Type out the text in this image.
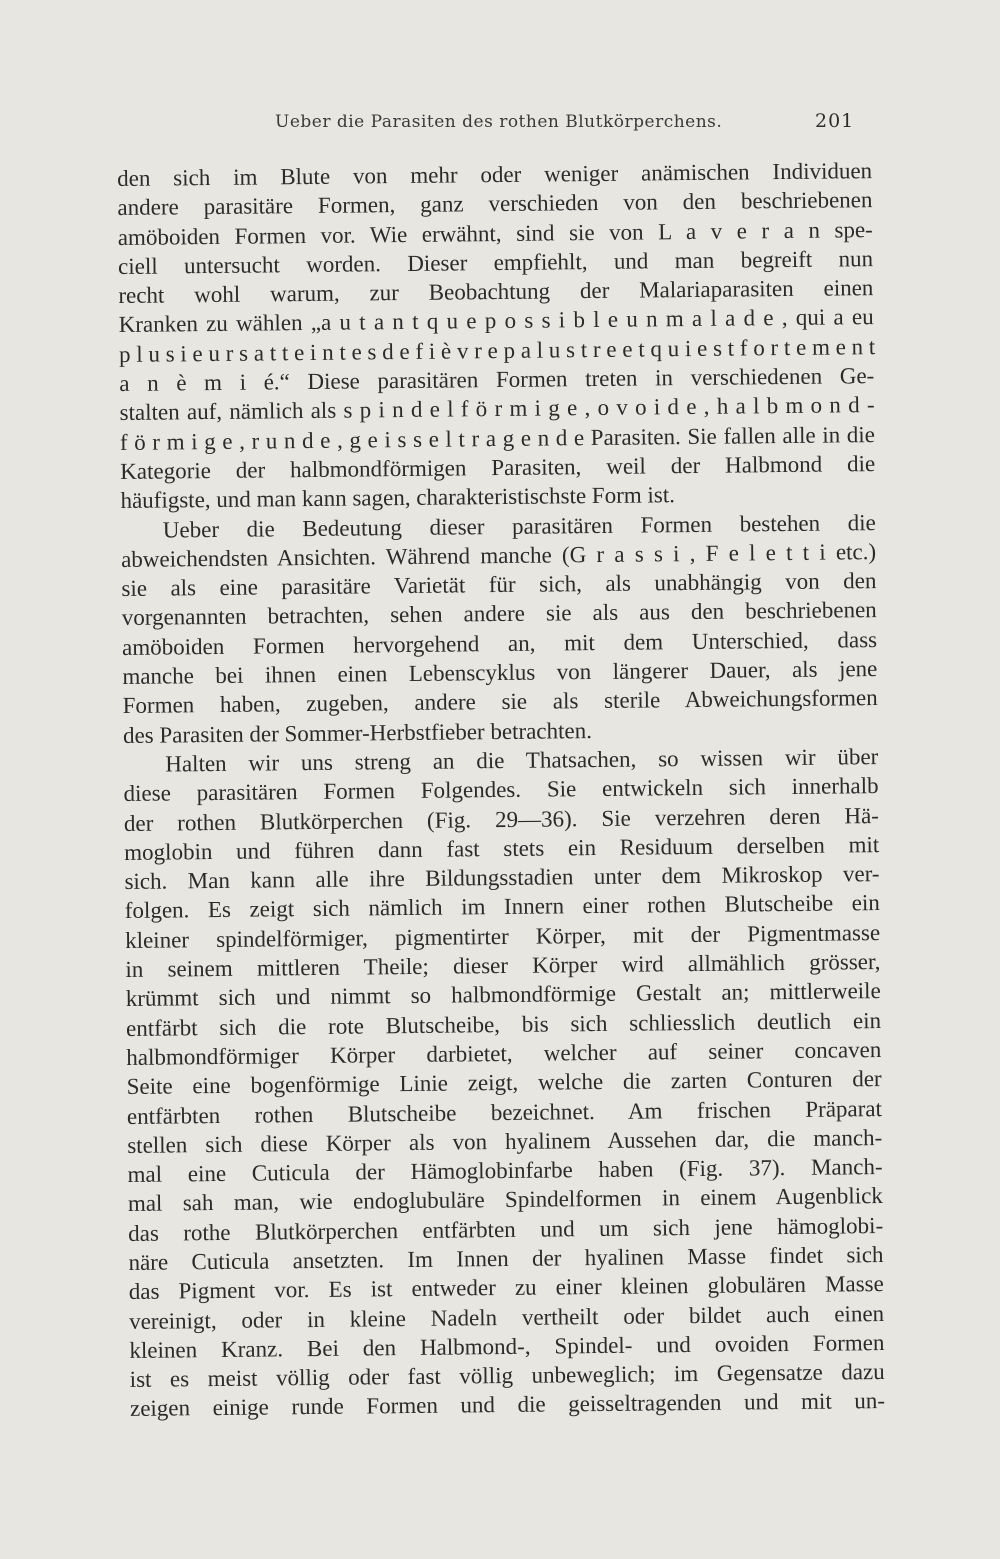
Ueber die Parasiten des rothen Blutkörperchens.	201
den sich im Blute von mehr oder weniger anämischen Individuen
andere parasitäre Formen, ganz verschieden von den beschriebenen
amöboiden Formen vor. Wie erwähnt, sind sie von L a v e r a n spe-
ciell untersucht worden. Dieser empfiehlt, und man begreift nun
recht wohl warum, zur Beobachtung der Malariaparasiten einen
Kranken zu wählen „a u t a n t q u e p o s s i b l e u n m a l a d e , qui a eu
p l u s i e u r s a t t e i n t e s d e f i è v r e p a l u s t r e e t q u i e s t f o r t e m e n t
a n è m i é.“ Diese parasitären Formen treten in verschiedenen Ge-
stalten auf, nämlich als s p i n d e l f ö r m i g e , o v o i d e , h a l b m o n d -
f ö r m i g e , r u n d e , g e i s s e l t r a g e n d e Parasiten. Sie fallen alle in die
Kategorie der halbmondförmigen Parasiten, weil der Halbmond die
häufigste, und man kann sagen, charakteristischste Form ist.
Ueber die Bedeutung dieser parasitären Formen bestehen die
abweichendsten Ansichten. Während manche (G r a s s i , F e l e t t i etc.)
sie als eine parasitäre Varietät für sich, als unabhängig von den
vorgenannten betrachten, sehen andere sie als aus den beschriebenen
amöboiden Formen hervorgehend an, mit dem Unterschied, dass
manche bei ihnen einen Lebenscyklus von längerer Dauer, als jene
Formen haben, zugeben, andere sie als sterile Abweichungsformen
des Parasiten der Sommer-Herbstfieber betrachten.
Halten wir uns streng an die Thatsachen, so wissen wir über
diese parasitären Formen Folgendes. Sie entwickeln sich innerhalb
der rothen Blutkörperchen (Fig. 29—36). Sie verzehren deren Hä-
moglobin und führen dann fast stets ein Residuum derselben mit
sich. Man kann alle ihre Bildungsstadien unter dem Mikroskop ver-
folgen. Es zeigt sich nämlich im Innern einer rothen Blutscheibe ein
kleiner spindelförmiger, pigmentirter Körper, mit der Pigmentmasse
in seinem mittleren Theile; dieser Körper wird allmählich grösser,
krümmt sich und nimmt so halbmondförmige Gestalt an; mittlerweile
entfärbt sich die rote Blutscheibe, bis sich schliesslich deutlich ein
halbmondförmiger Körper darbietet, welcher auf seiner concaven
Seite eine bogenförmige Linie zeigt, welche die zarten Conturen der
entfärbten rothen Blutscheibe bezeichnet. Am frischen Präparat
stellen sich diese Körper als von hyalinem Aussehen dar, die manch-
mal eine Cuticula der Hämoglobinfarbe haben (Fig. 37). Manch-
mal sah man, wie endoglubuläre Spindelformen in einem Augenblick
das rothe Blutkörperchen entfärbten und um sich jene hämoglobi-
näre Cuticula ansetzten. Im Innen der hyalinen Masse findet sich
das Pigment vor. Es ist entweder zu einer kleinen globulären Masse
vereinigt, oder in kleine Nadeln vertheilt oder bildet auch einen
kleinen Kranz. Bei den Halbmond-, Spindel- und ovoiden Formen
ist es meist völlig oder fast völlig unbeweglich; im Gegensatze dazu
zeigen einige runde Formen und die geisseltragenden und mit un-
